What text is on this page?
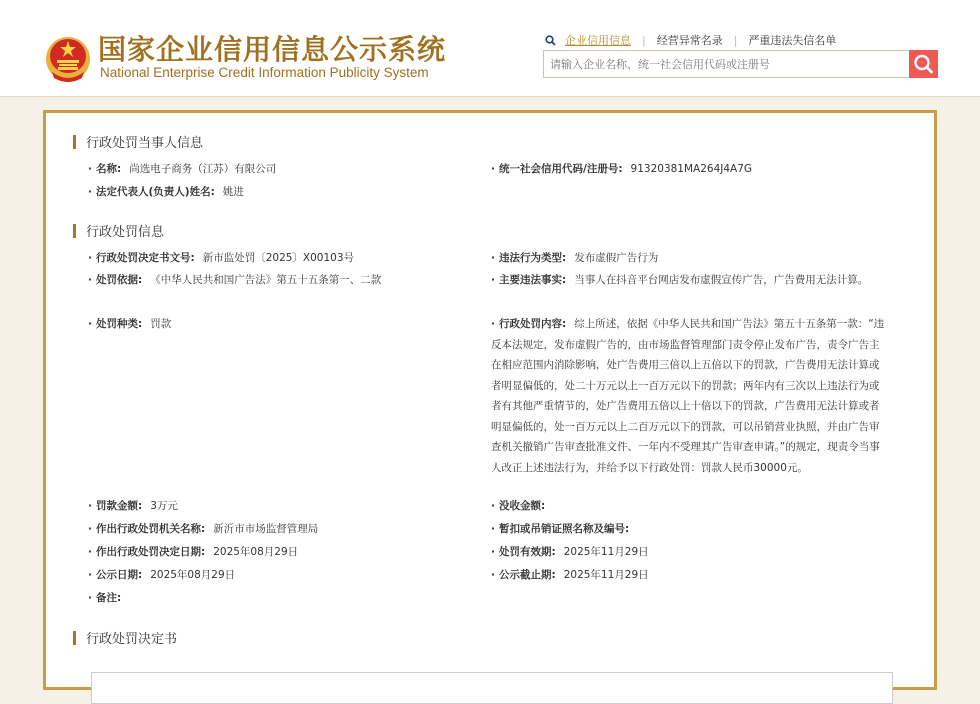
国家企业信用信息公示系统
National Enterprise Credit Information Publicity System
企业信用信息 | 经营异常名录 | 严重违法失信名单
请输入企业名称、统一社会信用代码或注册号
行政处罚当事人信息
· 名称: 尚选电子商务（江苏）有限公司	· 统一社会信用代码/注册号: 91320381MA264J4A7G
· 法定代表人(负责人)姓名: 姚进
行政处罚信息
· 行政处罚决定书文号: 新市监处罚〔2025〕X00103号	· 违法行为类型: 发布虚假广告行为
· 处罚依据: 《中华人民共和国广告法》第五十五条第一、二款	· 主要违法事实: 当事人在抖音平台网店发布虚假宣传广告，广告费用无法计算。
· 处罚种类: 罚款	· 行政处罚内容: 综上所述，依据《中华人民共和国广告法》第五十五条第一款：“违反本法规定，发布虚假广告的，由市场监督管理部门责令停止发布广告，责令广告主在相应范围内消除影响，处广告费用三倍以上五倍以下的罚款，广告费用无法计算或者明显偏低的，处二十万元以上一百万元以下的罚款；两年内有三次以上违法行为或者有其他严重情节的，处广告费用五倍以上十倍以下的罚款，广告费用无法计算或者明显偏低的，处一百万元以上二百万元以下的罚款，可以吊销营业执照，并由广告审查机关撤销广告审查批准文件、一年内不受理其广告审查申请。”的规定，现责令当事人改正上述违法行为，并给予以下行政处罚：罚款人民币30000元。
· 罚款金额: 3万元	· 没收金额:
· 作出行政处罚机关名称: 新沂市市场监督管理局	· 暂扣或吊销证照名称及编号:
· 作出行政处罚决定日期: 2025年08月29日	· 处罚有效期: 2025年11月29日
· 公示日期: 2025年08月29日	· 公示截止期: 2025年11月29日
· 备注:
行政处罚决定书
